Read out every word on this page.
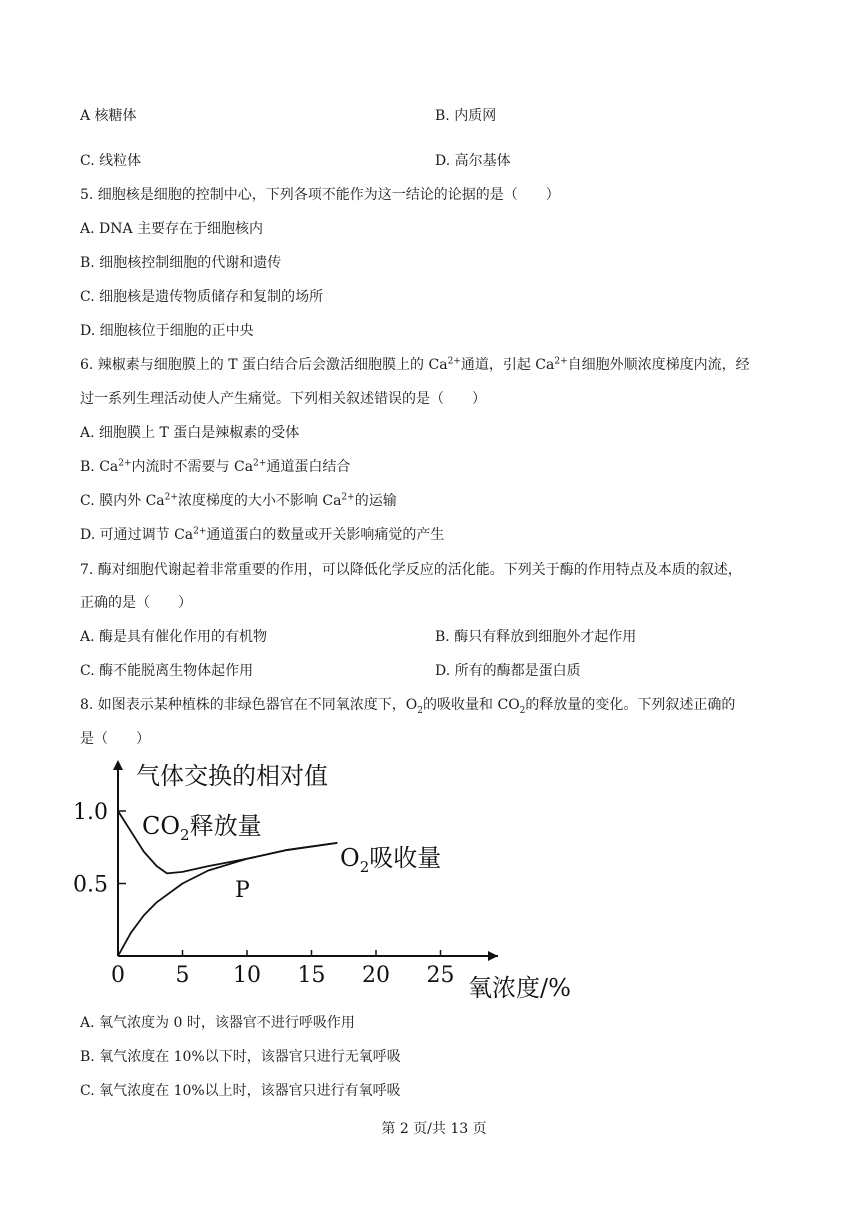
A 核糖体	B. 内质网
C. 线粒体	D. 高尔基体
5. 细胞核是细胞的控制中心，下列各项不能作为这一结论的论据的是（　　）
A. DNA 主要存在于细胞核内
B. 细胞核控制细胞的代谢和遗传
C. 细胞核是遗传物质储存和复制的场所
D. 细胞核位于细胞的正中央
6. 辣椒素与细胞膜上的 T 蛋白结合后会激活细胞膜上的 $Ca^{2+}$通道，引起 $Ca^{2+}$自细胞外顺浓度梯度内流，经
过一系列生理活动使人产生痛觉。下列相关叙述错误的是（　　）
A. 细胞膜上 T 蛋白是辣椒素的受体
B. $Ca^{2+}$内流时不需要与 $Ca^{2+}$通道蛋白结合
C. 膜内外 $Ca^{2+}$浓度梯度的大小不影响 $Ca^{2+}$的运输
D. 可通过调节 $Ca^{2+}$通道蛋白的数量或开关影响痛觉的产生
7. 酶对细胞代谢起着非常重要的作用，可以降低化学反应的活化能。下列关于酶的作用特点及本质的叙述，
正确的是（　　）
A. 酶是具有催化作用的有机物	B. 酶只有释放到细胞外才起作用
C. 酶不能脱离生物体起作用	D. 所有的酶都是蛋白质
8. 如图表示某种植株的非绿色器官在不同氧浓度下，$O_2$的吸收量和 $CO_2$的释放量的变化。下列叙述正确的
是（　　）
0 5 10 15 20 25
0.5
1.0
气体交换的相对值
氧浓度/%
$CO_2$释放量
$O_2$吸收量
P
A. 氧气浓度为 0 时，该器官不进行呼吸作用
B. 氧气浓度在 10%以下时，该器官只进行无氧呼吸
C. 氧气浓度在 10%以上时，该器官只进行有氧呼吸
第 2 页/共 13 页
